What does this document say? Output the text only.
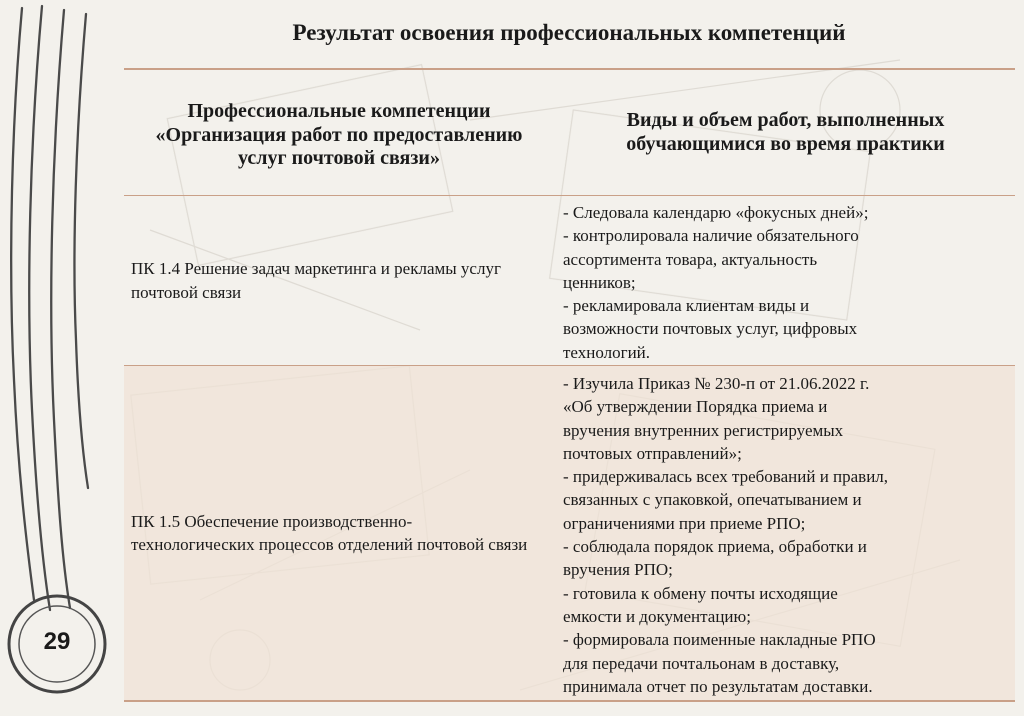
29
Результат освоения профессиональных компетенций
Профессиональные компетенции «Организация работ по предоставлению услуг почтовой связи»
Виды и объем работ, выполненных обучающимися во время практики
ПК 1.4 Решение задач маркетинга и рекламы услуг почтовой связи
- Следовала календарю «фокусных дней»;
- контролировала наличие обязательного
ассортимента товара, актуальность
ценников;
- рекламировала клиентам виды и
возможности почтовых услуг, цифровых
технологий.
ПК 1.5 Обеспечение производственно-технологических процессов отделений почтовой связи
- Изучила Приказ № 230-п от 21.06.2022 г.
«Об утверждении Порядка приема и
вручения внутренних регистрируемых
почтовых отправлений»;
- придерживалась всех требований и правил,
связанных с упаковкой, опечатыванием и
ограничениями при приеме РПО;
- соблюдала порядок приема, обработки и
вручения РПО;
- готовила к обмену почты исходящие
емкости и документацию;
- формировала поименные накладные РПО
для передачи почтальонам в доставку,
принимала отчет по результатам доставки.
